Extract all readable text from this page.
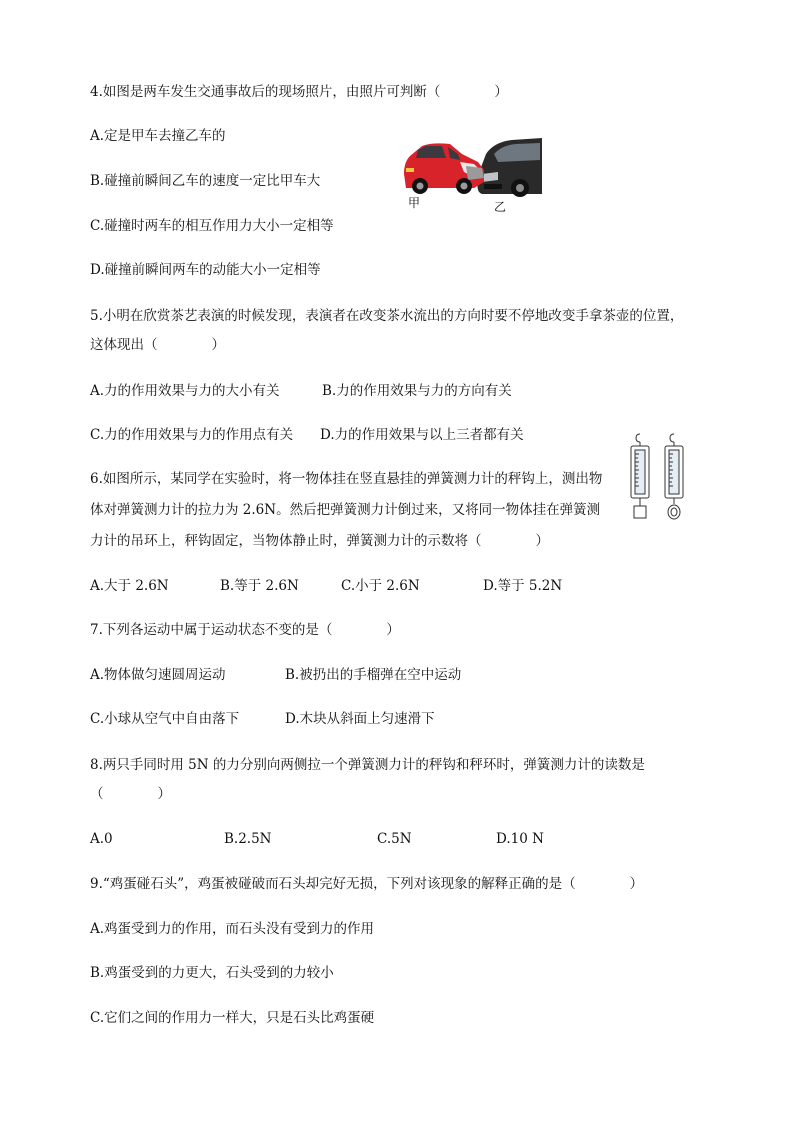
4.如图是两车发生交通事故后的现场照片，由照片可判断（　　　　）
A.定是甲车去撞乙车的
B.碰撞前瞬间乙车的速度一定比甲车大
C.碰撞时两车的相互作用力大小一定相等
D.碰撞前瞬间两车的动能大小一定相等
甲	乙
5.小明在欣赏茶艺表演的时候发现，表演者在改变茶水流出的方向时要不停地改变手拿茶壶的位置，
这体现出（　　　　）
A.力的作用效果与力的大小有关	B.力的作用效果与力的方向有关
C.力的作用效果与力的作用点有关 D.力的作用效果与以上三者都有关
6.如图所示，某同学在实验时，将一物体挂在竖直悬挂的弹簧测力计的秤钩上，测出物
体对弹簧测力计的拉力为 2.6N。然后把弹簧测力计倒过来，又将同一物体挂在弹簧测
力计的吊环上，秤钩固定，当物体静止时，弹簧测力计的示数将（　　　　）
A.大于 2.6N	B.等于 2.6N	C.小于 2.6N	D.等于 5.2N
7.下列各运动中属于运动状态不变的是（　　　　）
A.物体做匀速圆周运动	B.被扔出的手榴弹在空中运动
C.小球从空气中自由落下	D.木块从斜面上匀速滑下
8.两只手同时用 5N 的力分别向两侧拉一个弹簧测力计的秤钩和秤环时，弹簧测力计的读数是
（　　　　）
A.0	B.2.5N	C.5N	D.10 N
9.“鸡蛋碰石头”，鸡蛋被碰破而石头却完好无损，下列对该现象的解释正确的是（　　　　）
A.鸡蛋受到力的作用，而石头没有受到力的作用
B.鸡蛋受到的力更大，石头受到的力较小
C.它们之间的作用力一样大，只是石头比鸡蛋硬
